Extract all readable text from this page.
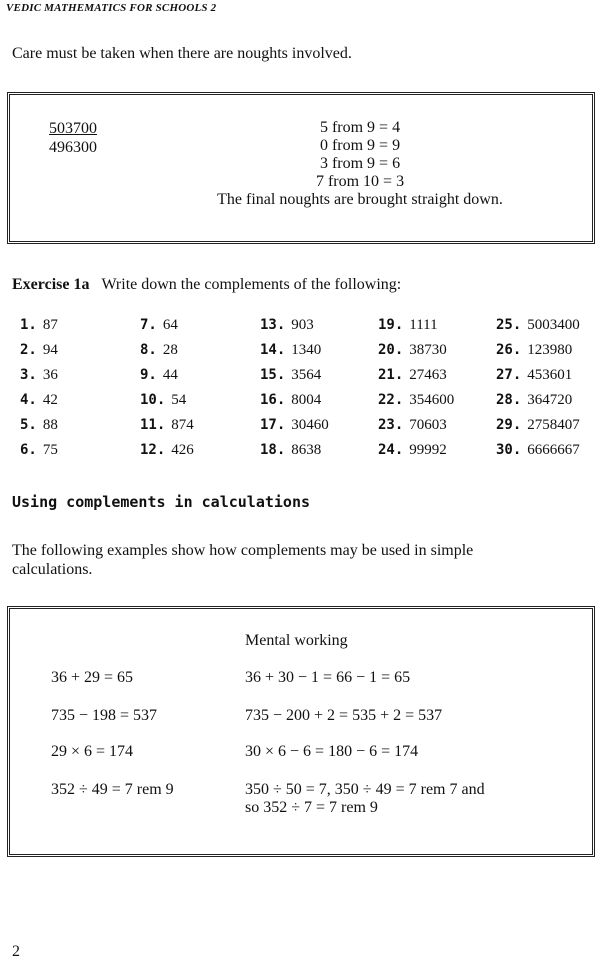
VEDIC MATHEMATICS FOR SCHOOLS 2
Care must be taken when there are noughts involved.
503700
496300
5 from 9 = 4
0 from 9 = 9
3 from 9 = 6
7 from 10 = 3
The final noughts are brought straight down.
Exercise 1a Write down the complements of the following:
1. 87	7. 64	13. 903	19. 1111	25. 5003400
2. 94	8. 28	14. 1340	20. 38730	26. 123980
3. 36	9. 44	15. 3564	21. 27463	27. 453601
4. 42	10. 54	16. 8004	22. 354600	28. 364720
5. 88	11. 874	17. 30460	23. 70603	29. 2758407
6. 75	12. 426	18. 8638	24. 99992	30. 6666667
Using complements in calculations
The following examples show how complements may be used in simple calculations.
Mental working
36 + 29 = 65	36 + 30 − 1 = 66 − 1 = 65
735 − 198 = 537	735 − 200 + 2 = 535 + 2 = 537
29 × 6 = 174	30 × 6 − 6 = 180 − 6 = 174
352 ÷ 49 = 7 rem 9	350 ÷ 50 = 7, 350 ÷ 49 = 7 rem 7 and
so 352 ÷ 7 = 7 rem 9
2
